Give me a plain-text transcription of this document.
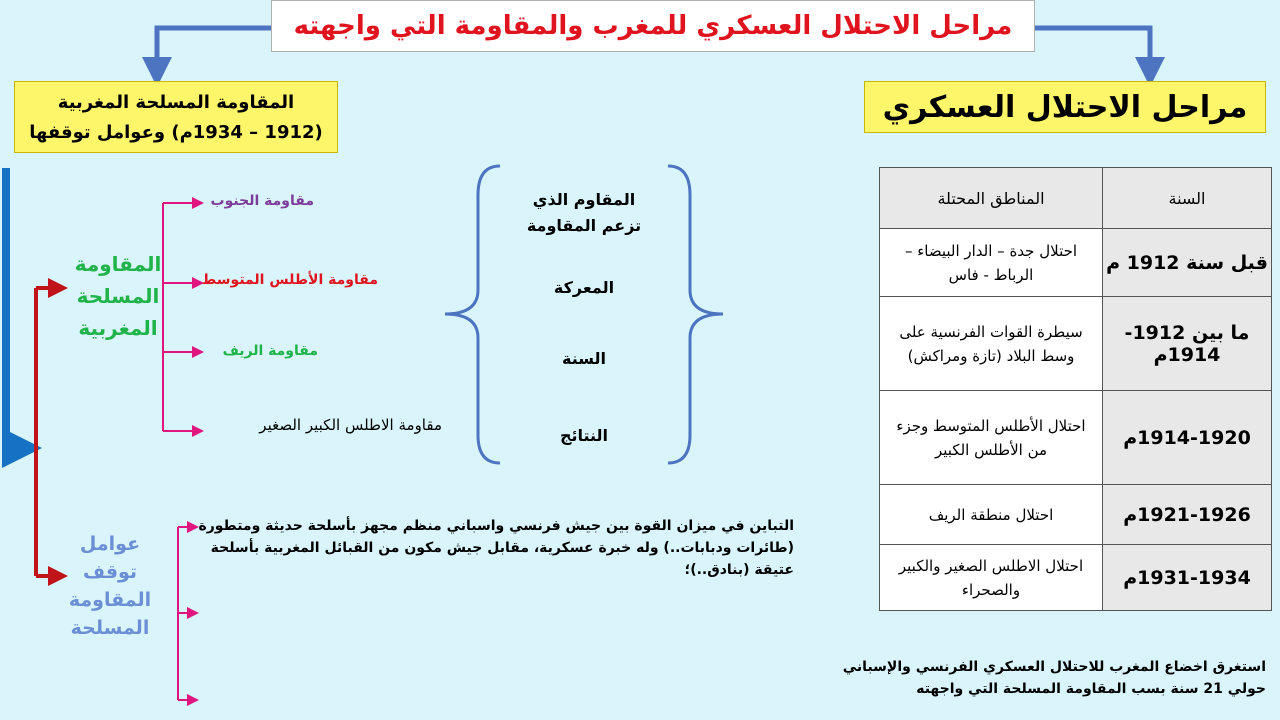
مراحل الاحتلال العسكري للمغرب والمقاومة التي واجهته
مراحل الاحتلال العسكري
المقاومة المسلحة المغربية
(1912 – 1934م) وعوامل توقفها
السنة	المناطق المحتلة
قبل سنة 1912 م	احتلال جدة – الدار البيضاء – الرباط - فاس
ما بين 1912- 1914م	سيطرة القوات الفرنسية على وسط البلاد (تازة ومراكش)
1914-1920م	احتلال الأطلس المتوسط وجزء من الأطلس الكبير
1921-1926م	احتلال منطقة الريف
1931-1934م	احتلال الاطلس الصغير والكبير والصحراء
المقاومة المسلحة المغربية
مقاومة الجنوب
مقاومة الأطلس المتوسط
مقاومة الريف
مقاومة الاطلس الكبير الصغير
المقاوم الذي تزعم المقاومة
المعركة
السنة
النتائج
عوامل توقف المقاومة المسلحة
التباين في ميزان القوة بين جيش فرنسي واسباني منظم مجهز بأسلحة حديثة ومتطورة (طائرات ودبابات..) وله خبرة عسكرية، مقابل جيش مكون من القبائل المغربية بأسلحة عتيقة (بنادق..)؛
استغرق اخضاع المغرب للاحتلال العسكري الفرنسي والإسباني حولي 21 سنة بسب المقاومة المسلحة التي واجهته
